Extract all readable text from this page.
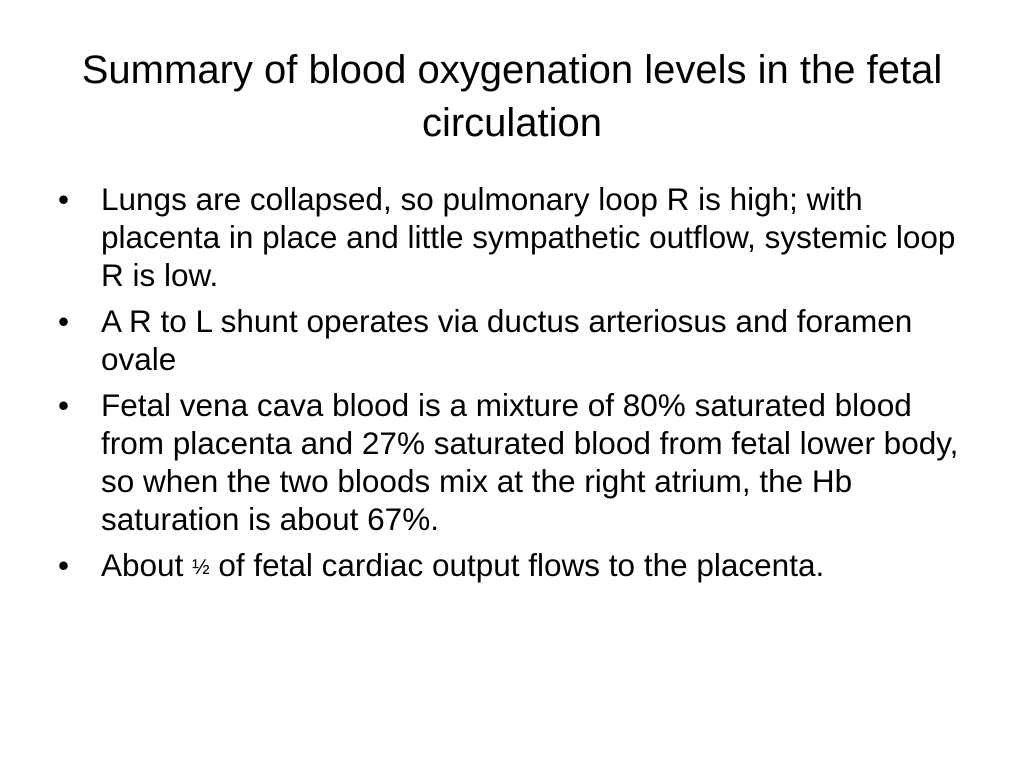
Summary of blood oxygenation levels in the fetal circulation
•	Lungs are collapsed, so pulmonary loop R is high; with placenta in place and little sympathetic outflow, systemic loop R is low.
•	A R to L shunt operates via ductus arteriosus and foramen ovale
•	Fetal vena cava blood is a mixture of 80% saturated blood from placenta and 27% saturated blood from fetal lower body, so when the two bloods mix at the right atrium, the Hb saturation is about 67%.
•	About ½ of fetal cardiac output flows to the placenta.
